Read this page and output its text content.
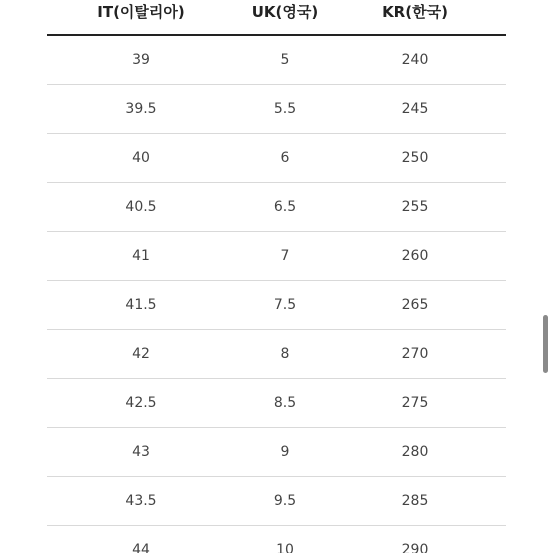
IT(이탈리아)	UK(영국)	KR(한국)
39	5	240
39.5	5.5	245
40	6	250
40.5	6.5	255
41	7	260
41.5	7.5	265
42	8	270
42.5	8.5	275
43	9	280
43.5	9.5	285
44	10	290
